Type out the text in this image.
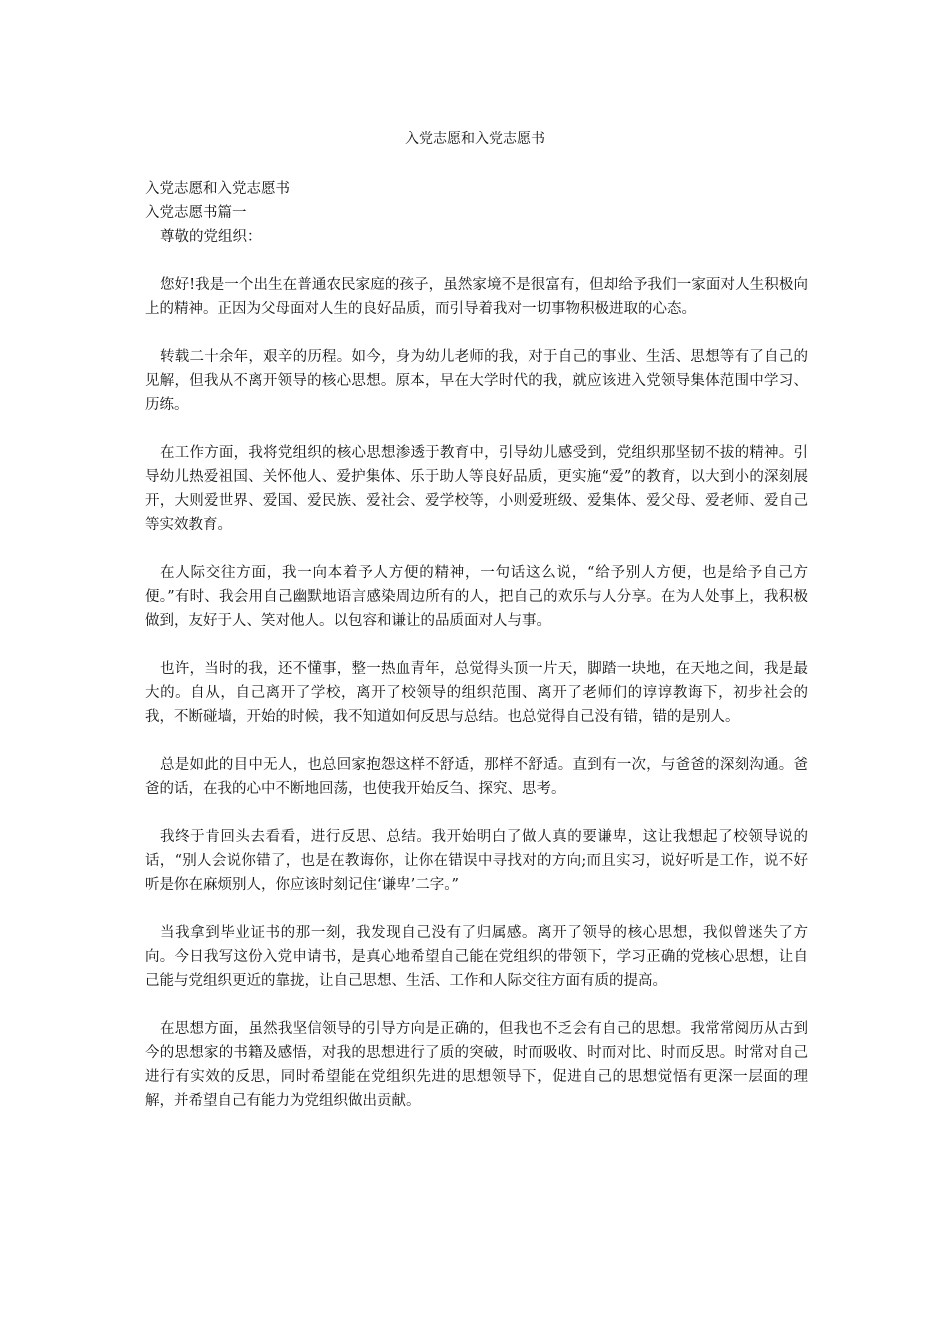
入党志愿和入党志愿书

入党志愿和入党志愿书

入党志愿书篇一

尊敬的党组织：

您好!我是一个出生在普通农民家庭的孩子，虽然家境不是很富有，但却给予我们一家面对人生积极向上的精神。正因为父母面对人生的良好品质，而引导着我对一切事物积极进取的心态。

转载二十余年，艰辛的历程。如今，身为幼儿老师的我，对于自己的事业、生活、思想等有了自己的见解，但我从不离开领导的核心思想。原本，早在大学时代的我，就应该进入党领导集体范围中学习、历练。

在工作方面，我将党组织的核心思想渗透于教育中，引导幼儿感受到，党组织那坚韧不拔的精神。引导幼儿热爱祖国、关怀他人、爱护集体、乐于助人等良好品质，更实施“爱”的教育，以大到小的深刻展开，大则爱世界、爱国、爱民族、爱社会、爱学校等，小则爱班级、爱集体、爱父母、爱老师、爱自己等实效教育。

在人际交往方面，我一向本着予人方便的精神，一句话这么说，“给予别人方便，也是给予自己方便。”有时、我会用自己幽默地语言感染周边所有的人，把自己的欢乐与人分享。在为人处事上，我积极做到，友好于人、笑对他人。以包容和谦让的品质面对人与事。

也许，当时的我，还不懂事，整一热血青年，总觉得头顶一片天，脚踏一块地，在天地之间，我是最大的。自从，自己离开了学校，离开了校领导的组织范围、离开了老师们的谆谆教诲下，初步社会的我，不断碰墙，开始的时候，我不知道如何反思与总结。也总觉得自己没有错，错的是别人。

总是如此的目中无人，也总回家抱怨这样不舒适，那样不舒适。直到有一次，与爸爸的深刻沟通。爸爸的话，在我的心中不断地回荡，也使我开始反刍、探究、思考。

我终于肯回头去看看，进行反思、总结。我开始明白了做人真的要谦卑，这让我想起了校领导说的话，“别人会说你错了，也是在教诲你，让你在错误中寻找对的方向;而且实习，说好听是工作，说不好听是你在麻烦别人，你应该时刻记住‘谦卑’二字。”

当我拿到毕业证书的那一刻，我发现自己没有了归属感。离开了领导的核心思想，我似曾迷失了方向。今日我写这份入党申请书，是真心地希望自己能在党组织的带领下，学习正确的党核心思想，让自己能与党组织更近的靠拢，让自己思想、生活、工作和人际交往方面有质的提高。

在思想方面，虽然我坚信领导的引导方向是正确的，但我也不乏会有自己的思想。我常常阅历从古到今的思想家的书籍及感悟，对我的思想进行了质的突破，时而吸收、时而对比、时而反思。时常对自己进行有实效的反思，同时希望能在党组织先进的思想领导下，促进自己的思想觉悟有更深一层面的理解，并希望自己有能力为党组织做出贡献。
